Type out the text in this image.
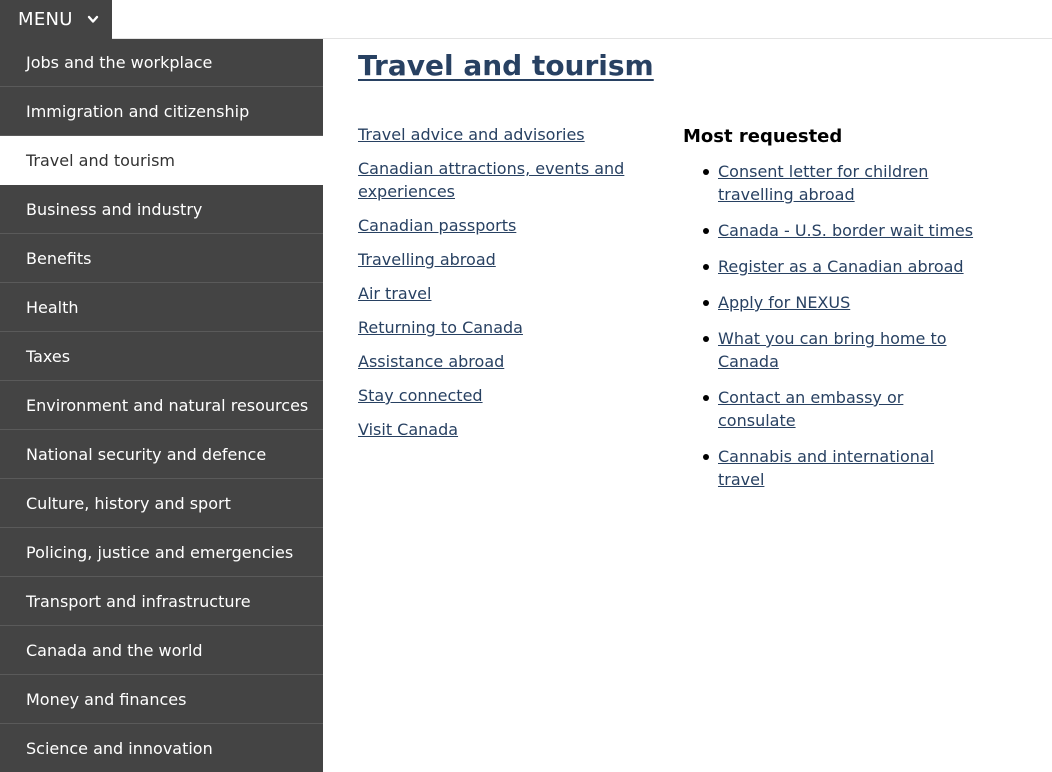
MENU
Jobs and the workplace
Immigration and citizenship
Travel and tourism
Business and industry
Benefits
Health
Taxes
Environment and natural resources
National security and defence
Culture, history and sport
Policing, justice and emergencies
Transport and infrastructure
Canada and the world
Money and finances
Science and innovation
Travel and tourism
Travel advice and advisories
Canadian attractions, events and experiences
Canadian passports
Travelling abroad
Air travel
Returning to Canada
Assistance abroad
Stay connected
Visit Canada
Most requested
Consent letter for children travelling abroad
Canada - U.S. border wait times
Register as a Canadian abroad
Apply for NEXUS
What you can bring home to Canada
Contact an embassy or consulate
Cannabis and international travel
